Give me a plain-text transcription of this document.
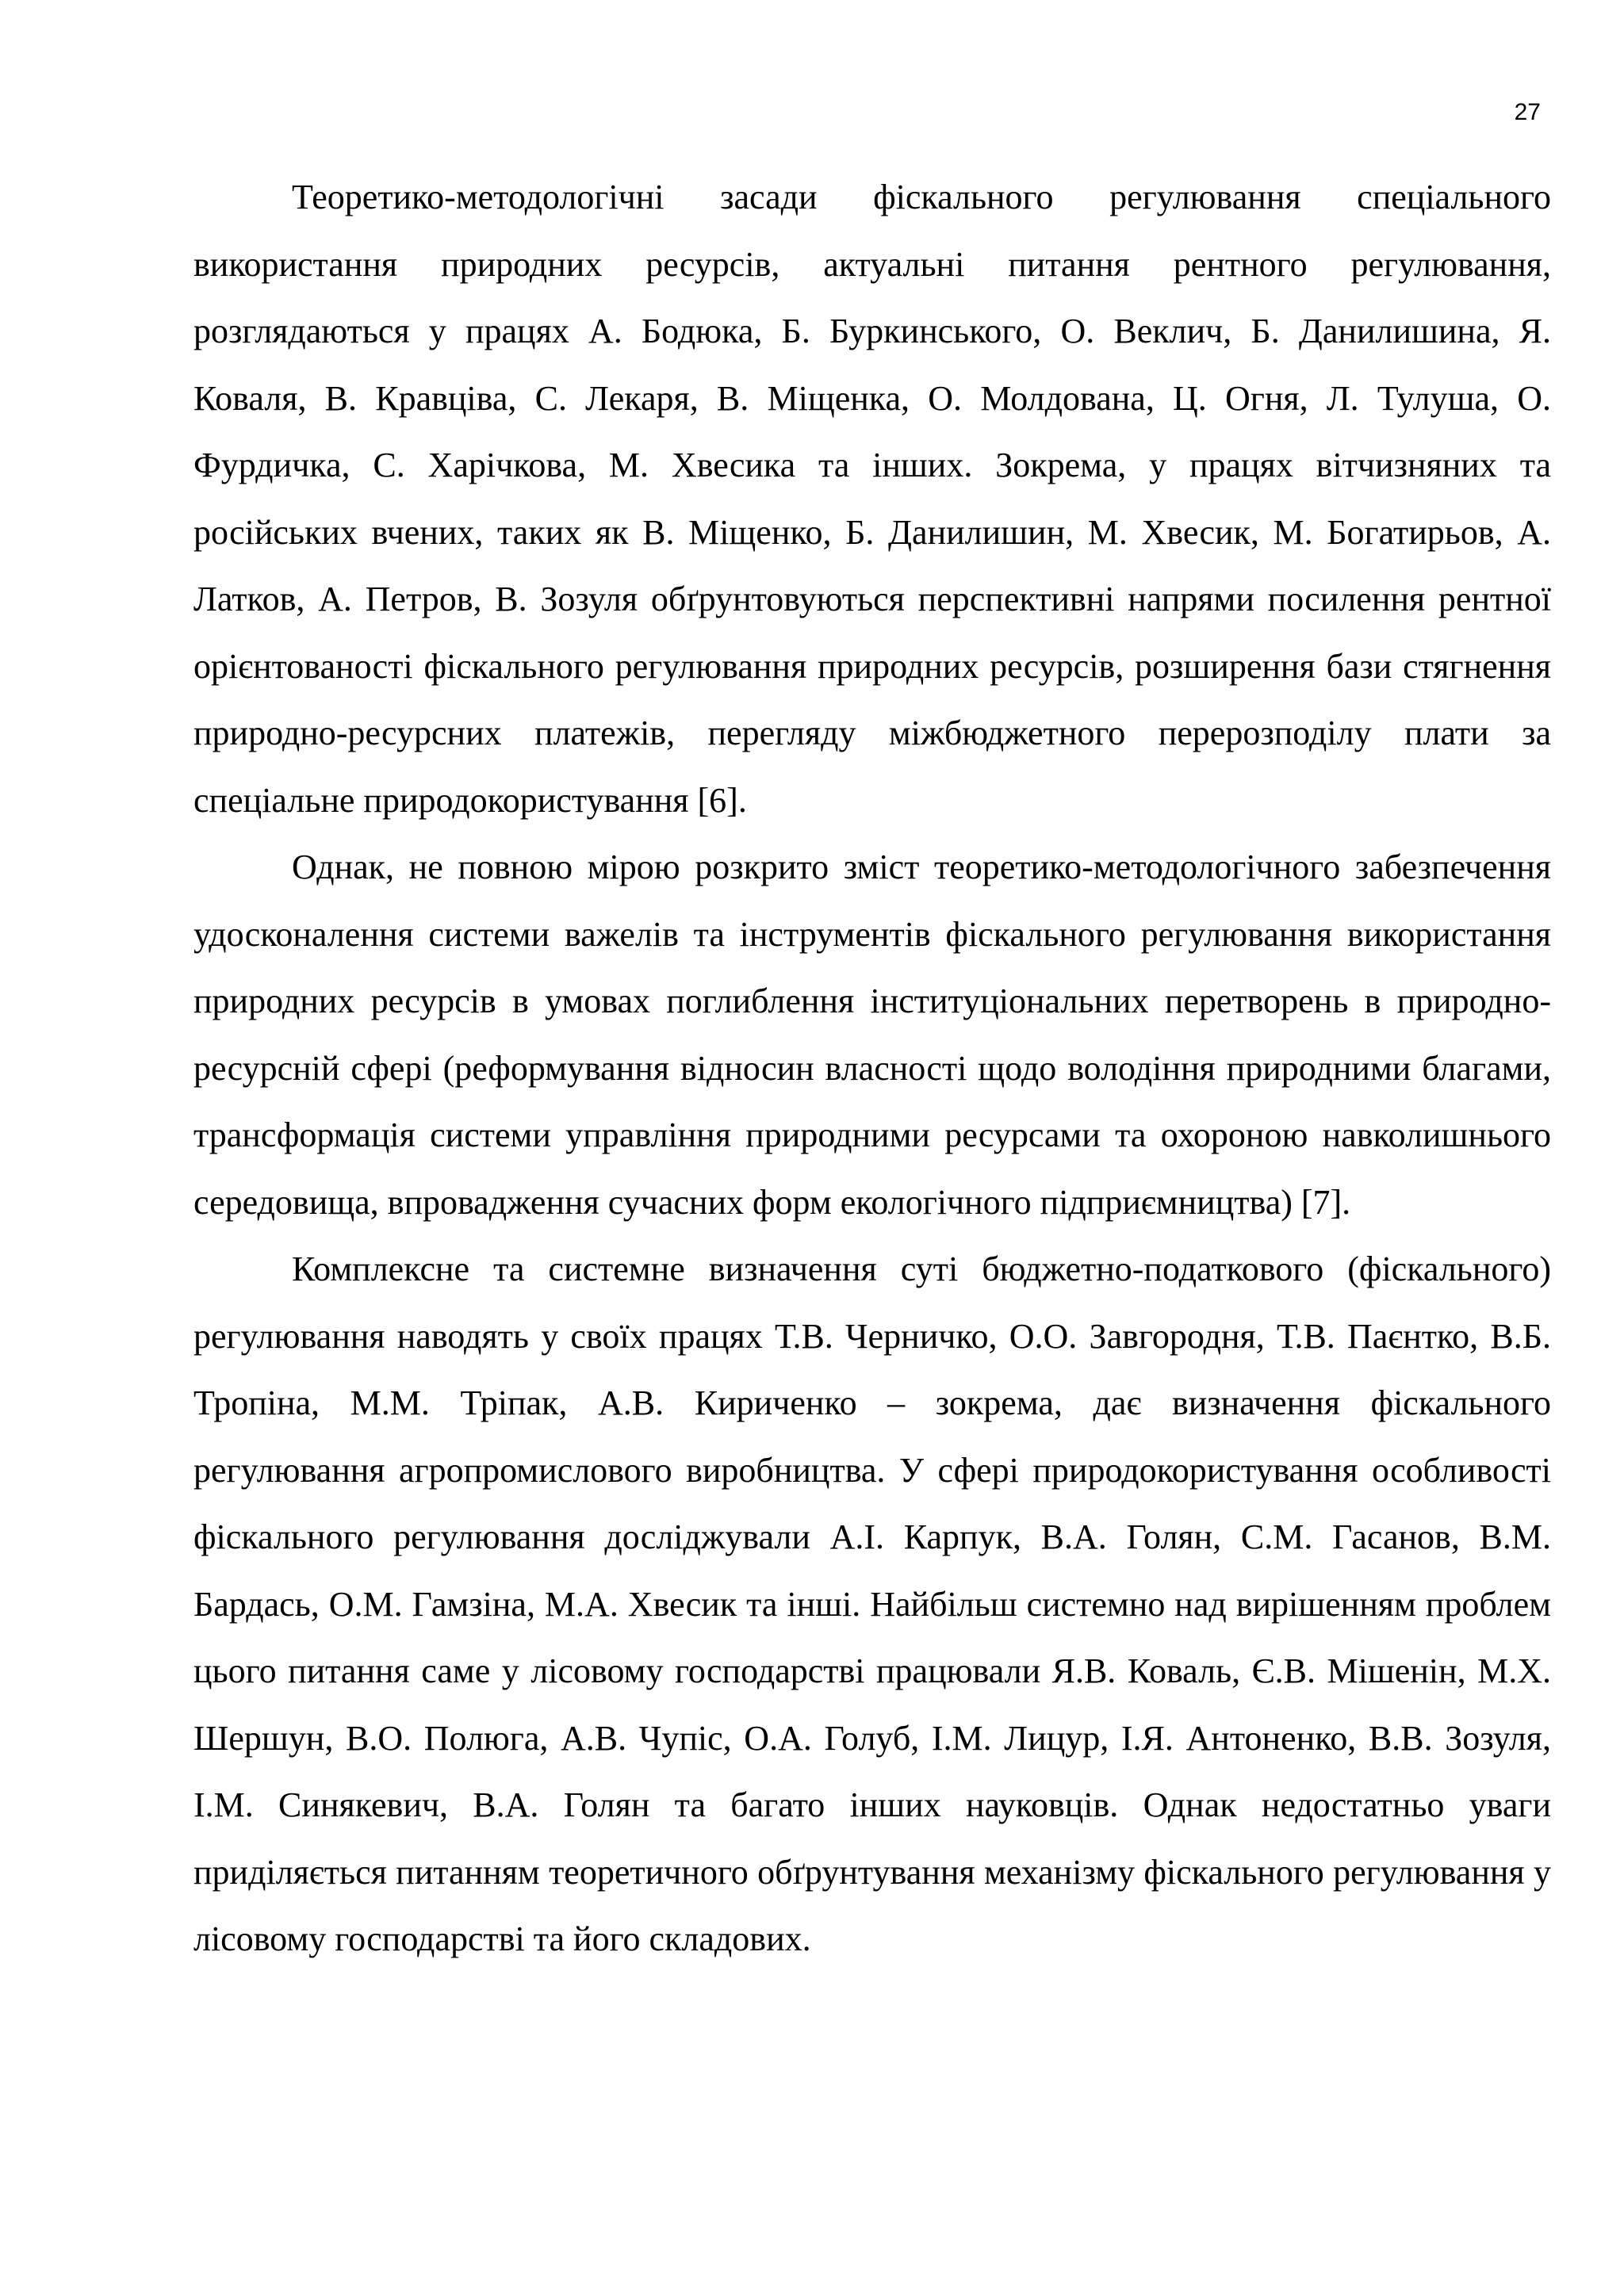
27

Теоретико-методологічні засади фіскального регулювання спеціального використання природних ресурсів, актуальні питання рентного регулювання, розглядаються у працях А. Бодюка, Б. Буркинського, О. Веклич, Б. Данилишина, Я. Коваля, В. Кравціва, С. Лекаря, В. Міщенка, О. Молдована, Ц. Огня, Л. Тулуша, О. Фурдичка, С. Харічкова, М. Хвесика та інших. Зокрема, у працях вітчизняних та російських вчених, таких як В. Міщенко, Б. Данилишин, М. Хвесик, М. Богатирьов, А. Латков, А. Петров, В. Зозуля обґрунтовуються перспективні напрями посилення рентної орієнтованості фіскального регулювання природних ресурсів, розширення бази стягнення природно-ресурсних платежів, перегляду міжбюджетного перерозподілу плати за спеціальне природокористування [6].

Однак, не повною мірою розкрито зміст теоретико-методологічного забезпечення удосконалення системи важелів та інструментів фіскального регулювання використання природних ресурсів в умовах поглиблення інституціональних перетворень в природно-ресурсній сфері (реформування відносин власності щодо володіння природними благами, трансформація системи управління природними ресурсами та охороною навколишнього середовища, впровадження сучасних форм екологічного підприємництва) [7].

Комплексне та системне визначення суті бюджетно-податкового (фіскального) регулювання наводять у своїх працях Т.В. Черничко, О.О. Завгородня, Т.В. Паєнтко, В.Б. Тропіна, М.М. Тріпак, А.В. Кириченко – зокрема, дає визначення фіскального регулювання агропромислового виробництва. У сфері природокористування особливості фіскального регулювання досліджували А.І. Карпук, В.А. Голян, С.М. Гасанов, В.М. Бардась, О.М. Гамзіна, М.А. Хвесик та інші. Найбільш системно над вирішенням проблем цього питання саме у лісовому господарстві працювали Я.В. Коваль, Є.В. Мішенін, М.Х. Шершун, В.О. Полюга, А.В. Чупіс, О.А. Голуб, І.М. Лицур, І.Я. Антоненко, В.В. Зозуля, І.М. Синякевич, В.А. Голян та багато інших науковців. Однак недостатньо уваги приділяється питанням теоретичного обґрунтування механізму фіскального регулювання у лісовому господарстві та його складових.
